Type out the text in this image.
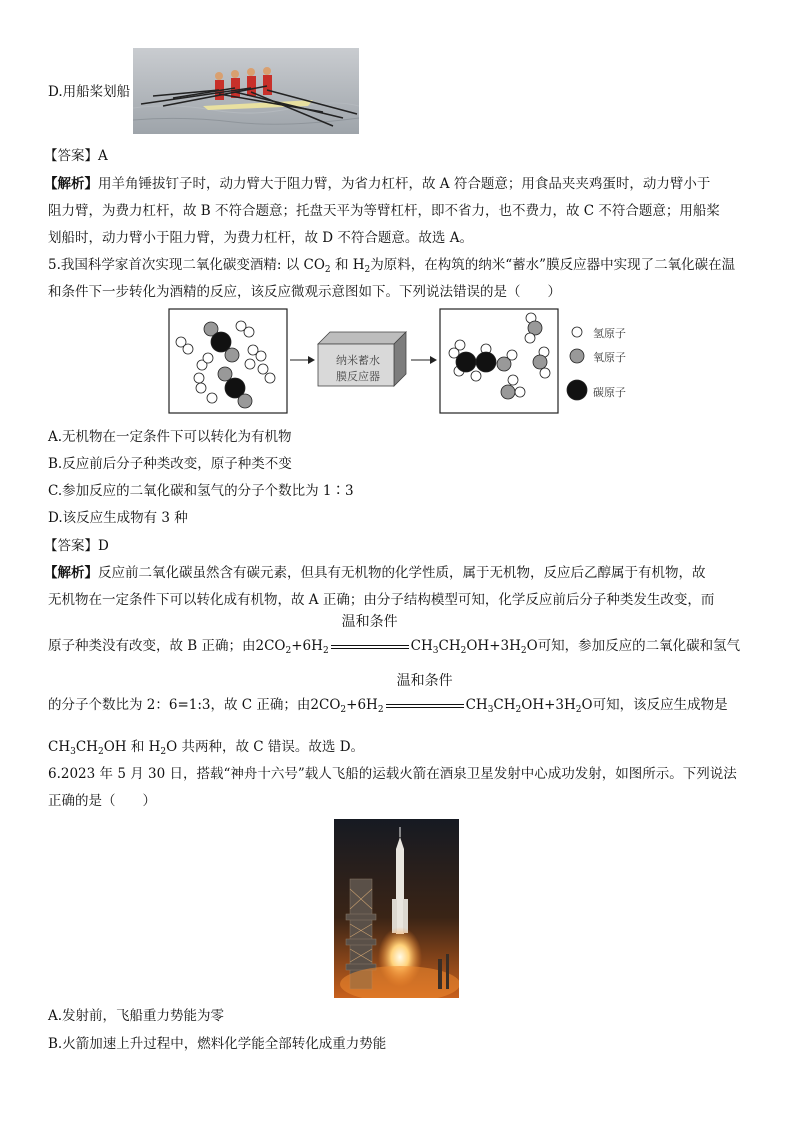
D.用船桨划船
【答案】A
【解析】用羊角锤拔钉子时，动力臂大于阻力臂，为省力杠杆，故 A 符合题意；用食品夹夹鸡蛋时，动力臂小于
阻力臂，为费力杠杆，故 B 不符合题意；托盘天平为等臂杠杆，即不省力，也不费力，故 C 不符合题意；用船桨
划船时，动力臂小于阻力臂，为费力杠杆，故 D 不符合题意。故选 A。
5.我国科学家首次实现二氧化碳变酒精: 以 $CO_2$ 和 $H_2$为原料，在构筑的纳米“蓄水”膜反应器中实现了二氧化碳在温
和条件下一步转化为酒精的反应，该反应微观示意图如下。下列说法错误的是（　　）
纳米蓄水
膜反应器
氢原子
氧原子
碳原子
A.无机物在一定条件下可以转化为有机物
B.反应前后分子种类改变，原子种类不变
C.参加反应的二氧化碳和氢气的分子个数比为 1∶3
D.该反应生成物有 3 种
【答案】D
【解析】反应前二氧化碳虽然含有碳元素，但具有无机物的化学性质，属于无机物，反应后乙醇属于有机物，故
无机物在一定条件下可以转化成有机物，故 A 正确；由分子结构模型可知，化学反应前后分子种类发生改变，而
原子种类没有改变，故 B 正确；由$2CO_2+6H_2$
温和条件
$CH_3CH_2OH+3H_2O$可知，参加反应的二氧化碳和氢气
的分子个数比为 2：6=1:3，故 C 正确；由$2CO_2+6H_2$
温和条件
$CH_3CH_2OH+3H_2O$可知，该反应生成物是
$CH_3CH_2OH$ 和 $H_2O$ 共两种，故 C 错误。故选 D。
6.2023 年 5 月 30 日，搭载“神舟十六号”载人飞船的运载火箭在酒泉卫星发射中心成功发射，如图所示。下列说法
正确的是（　　）
A.发射前，飞船重力势能为零
B.火箭加速上升过程中，燃料化学能全部转化成重力势能
